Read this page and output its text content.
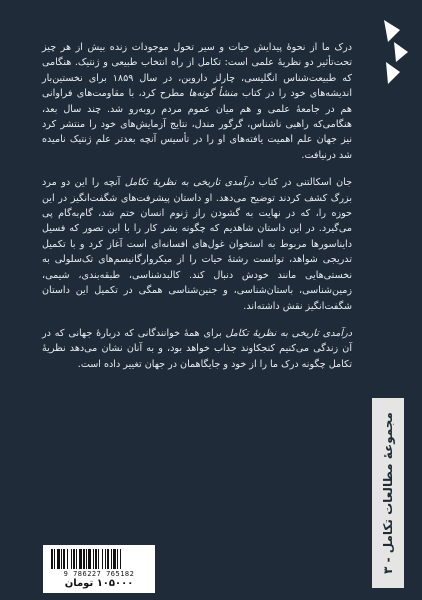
درک ما از نحوهٔ پیدایش حیات و سیر تحول موجودات زنده بیش از هر چیز تحت‌تأثیر دو نظریهٔ علمی است: تکامل از راه انتخاب طبیعی و ژنتیک. هنگامی که طبیعت‌شناس انگلیسی، چارلز داروین، در سال ۱۸۵۹ برای نخستین‌بار اندیشه‌های خود را در کتاب منشأ گونه‌ها مطرح کرد، با مقاومت‌های فراوانی هم در جامعهٔ علمی و هم میان عموم مردم روبه‌رو شد. چند سال بعد، هنگامی‌که راهبی ناشناس، گرگور مندل، نتایج آزمایش‌های خود را منتشر کرد نیز جهان علم اهمیت یافته‌های او را در تأسیس آنچه بعدتر علم ژنتیک نامیده شد درنیافت.

جان اسکالتنی در کتاب درآمدی تاریخی به نظریهٔ تکامل آنچه را این دو مرد بزرگ کشف کردند توضیح می‌دهد. او داستان پیشرفت‌های شگفت‌انگیز در این حوزه را، که در نهایت به گشودن راز ژنوم انسان ختم شد، گام‌به‌گام پی می‌گیرد. در این داستان شاهدیم که چگونه بشر کار را با این تصور که فسیل دایناسورها مربوط به استخوان غول‌های افسانه‌ای است آغاز کرد و با تکمیل تدریجی شواهد، توانست رشتهٔ حیات را از میکروارگانیسم‌های تک‌سلولی به نخستی‌هایی مانند خودش دنبال کند. کالبدشناسی، طبقه‌بندی، شیمی، زمین‌شناسی، باستان‌شناسی، و جنین‌شناسی همگی در تکمیل این داستان شگفت‌انگیز نقش داشته‌اند.

درآمدی تاریخی به نظریهٔ تکامل برای همهٔ خوانندگانی که دربارهٔ جهانی که در آن زندگی می‌کنیم کنجکاوند جذاب خواهد بود، و به آنان نشان می‌دهد نظریهٔ تکامل چگونه درک ما را از خود و جایگاهمان در جهان تغییر داده است.

مجموعهٔ مطالعات تکامل - ۳
9 786227 765182
۱۰۵۰۰۰ تومان
